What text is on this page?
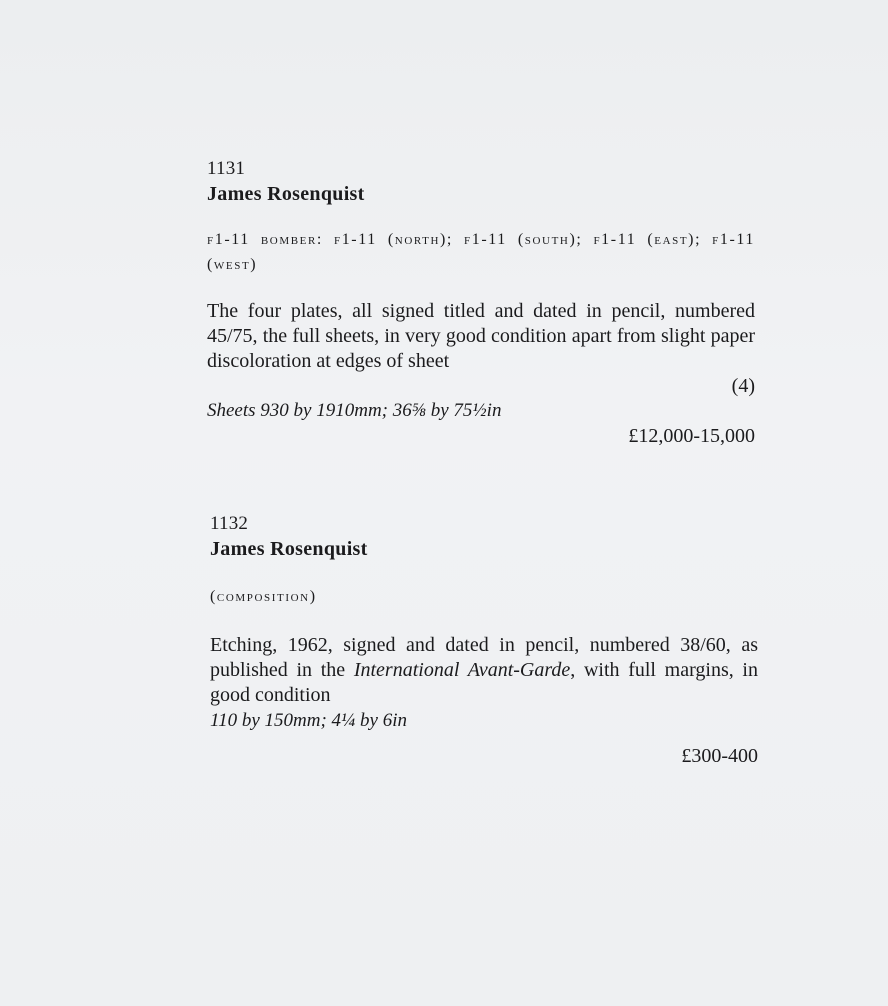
1131
James Rosenquist
f1-11 bomber: f1-11 (north); f1-11 (south); f1-11 (east); f1-11 (west)
The four plates, all signed titled and dated in pencil, numbered 45/75, the full sheets, in very good condition apart from slight paper discoloration at edges of sheet
(4)
Sheets 930 by 1910mm; 36⅝ by 75½in
£12,000-15,000
1132
James Rosenquist
(composition)
Etching, 1962, signed and dated in pencil, numbered 38/60, as published in the International Avant-Garde, with full margins, in good condition
110 by 150mm; 4¼ by 6in
£300-400
